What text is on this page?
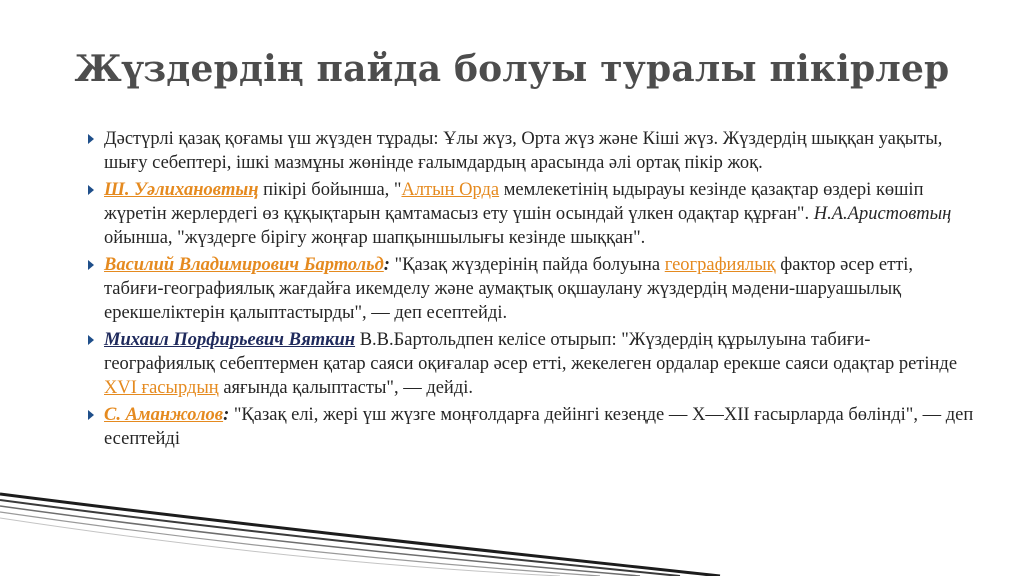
Жүздердің пайда болуы туралы пікірлер
Дәстүрлі қазақ қоғамы үш жүзден тұрады: Ұлы жүз, Орта жүз және Кіші жүз. Жүздердің шыққан уақыты, шығу себептері, ішкі мазмұны жөнінде ғалымдардың арасында әлі ортақ пікір жоқ.
Ш. Уәлихановтың пікірі бойынша, "Алтын Орда мемлекетінің ыдырауы кезінде қазақтар өздері көшіп жүретін жерлердегі өз құқықтарын қамтамасыз ету үшін осындай үлкен одақтар құрған". Н.А.Аристовтың ойынша, "жүздерге бірігу жоңғар шапқыншылығы кезінде шыққан".
Василий Владимирович Бартольд: "Қазақ жүздерінің пайда болуына географиялық фактор әсер етті, табиғи-географиялық жағдайға икемделу және аумақтық оқшаулану жүздердің мәдени-шаруашылық ерекшеліктерін қалыптастырды", — деп есептейді.
Михаил Порфирьевич Вяткин В.В.Бартольдпен келісе отырып: "Жүздердің құрылуына табиғи-географиялық себептермен қатар саяси оқиғалар әсер етті, жекелеген ордалар ерекше саяси одақтар ретінде XVI ғасырдың аяғында қалыптасты", — дейді.
С. Аманжолов: "Қазақ елі, жері үш жүзге моңғолдарға дейінгі кезеңде — X—XII ғасырларда бөлінді", — деп есептейді
